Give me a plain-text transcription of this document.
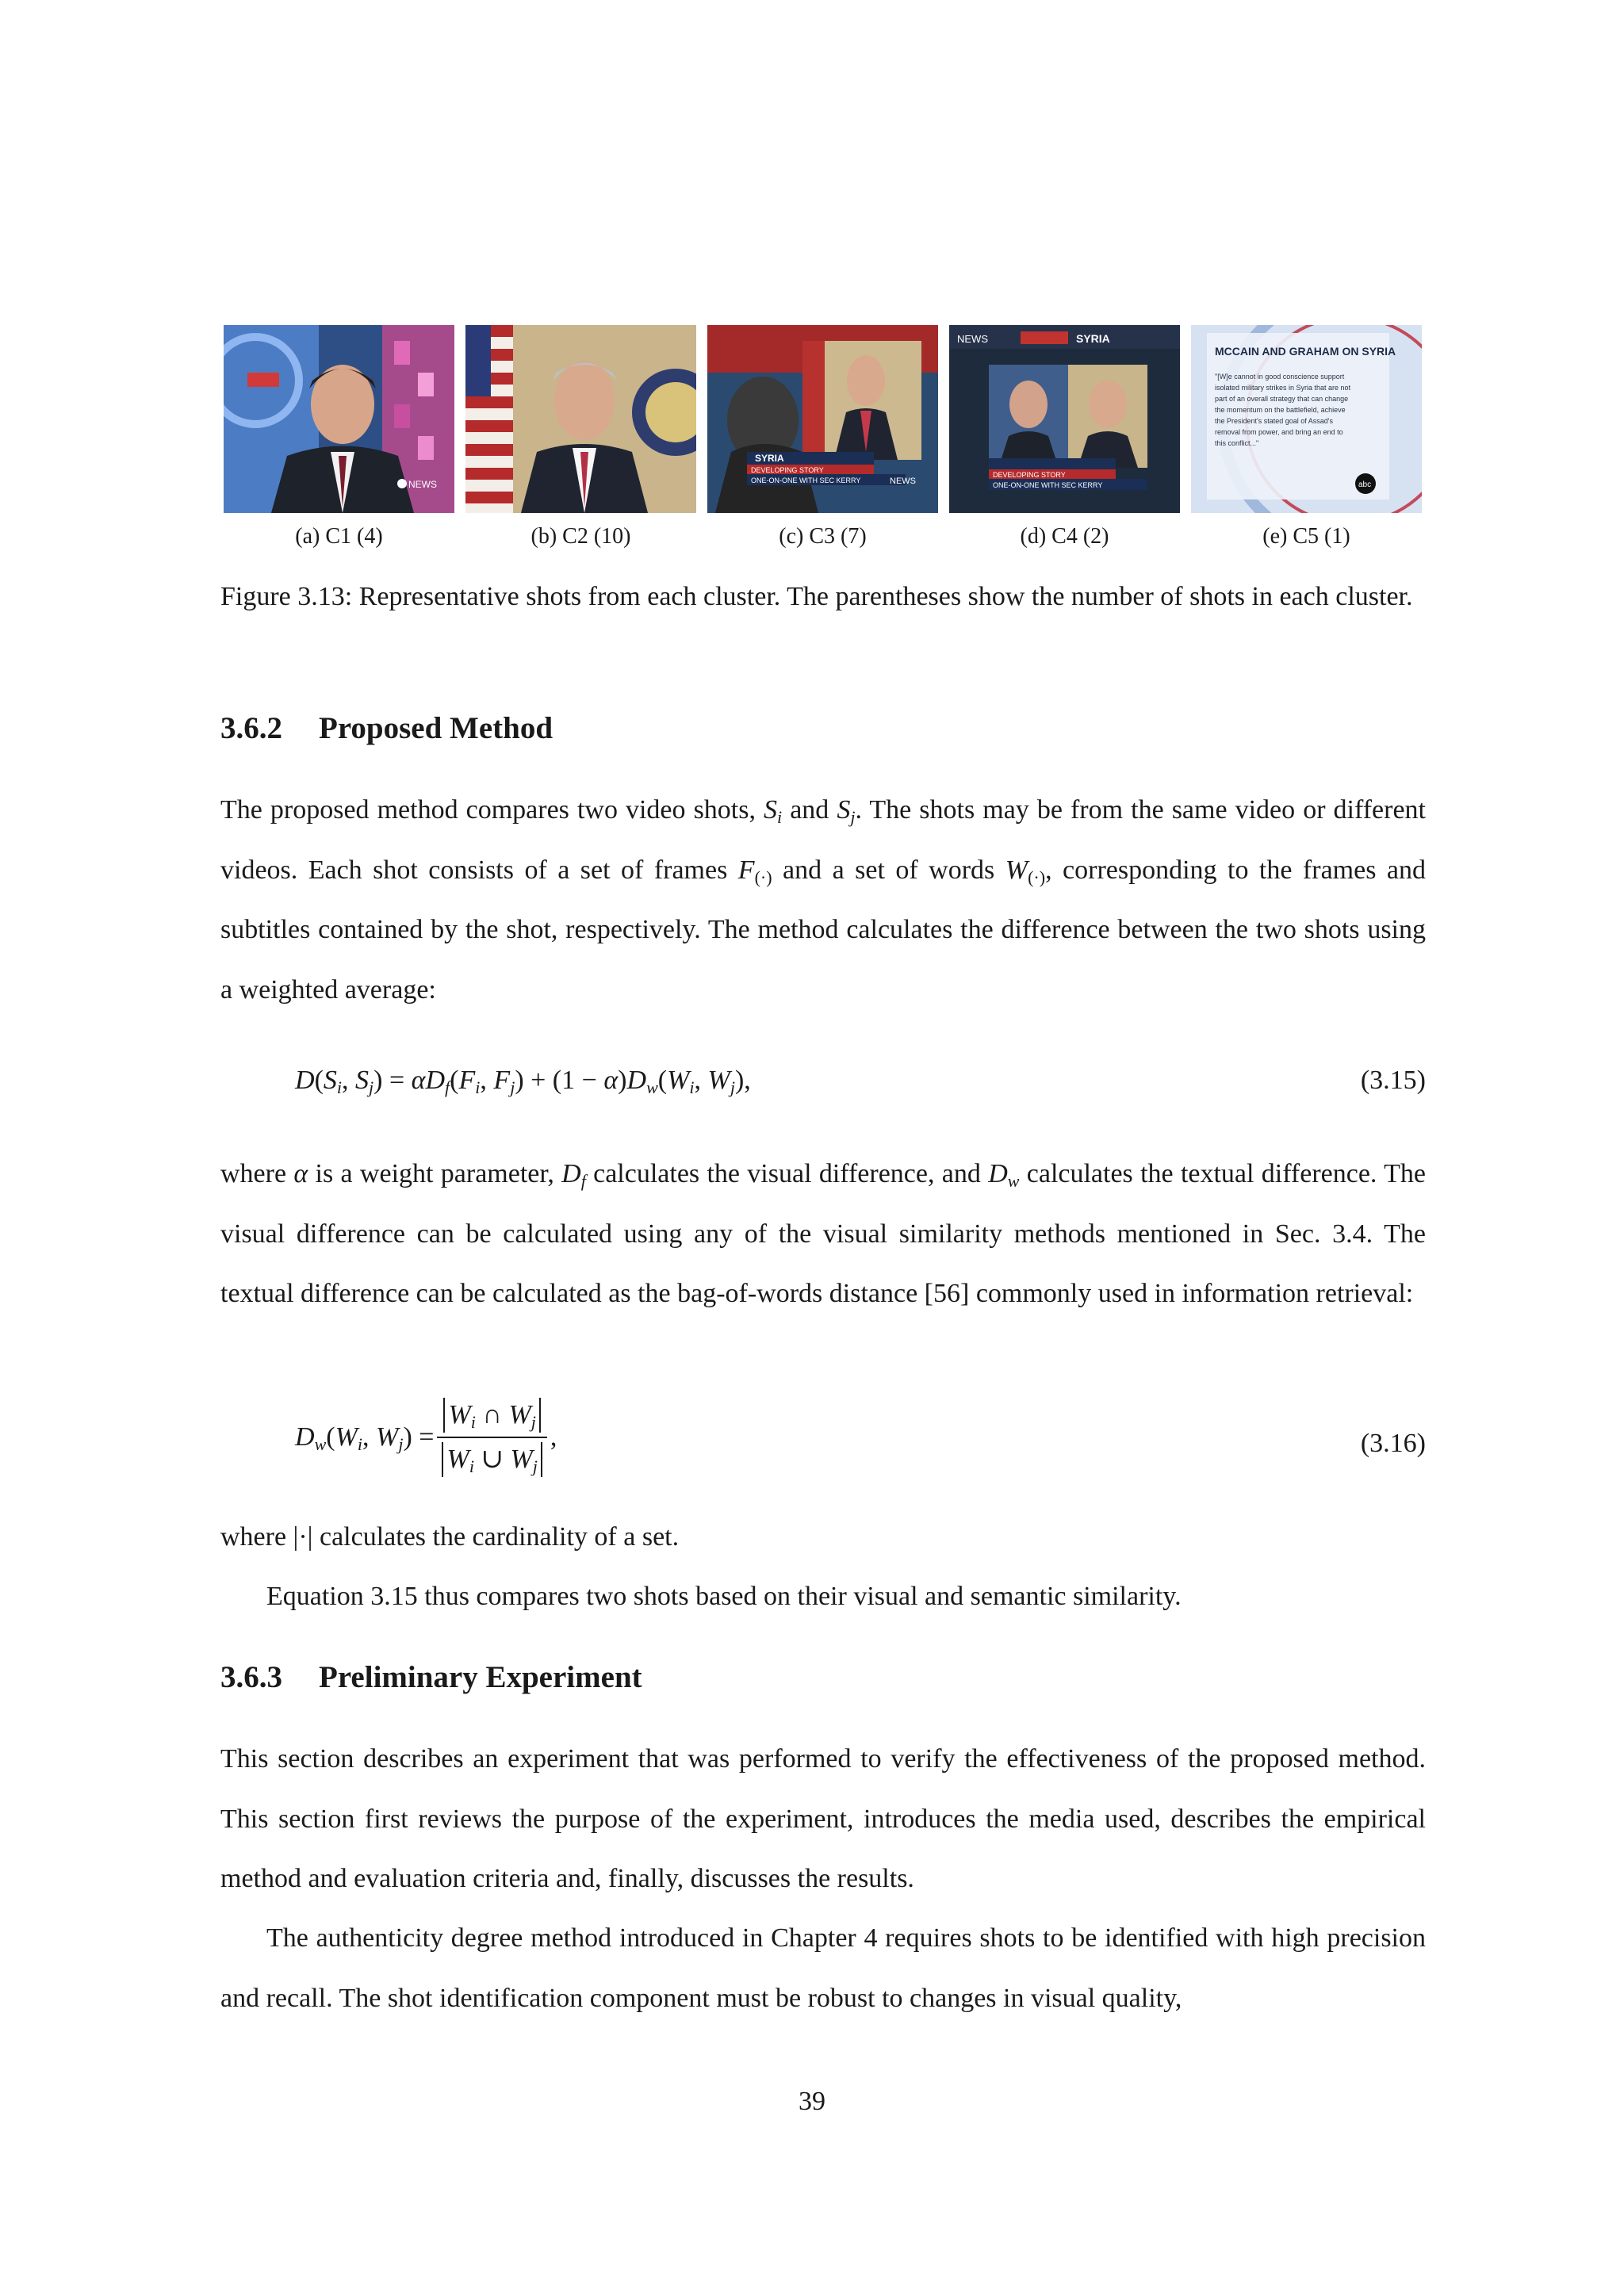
NEWS
SYRIA
DEVELOPING STORY
ONE-ON-ONE WITH SEC KERRY	NEWS
NEWS	SYRIA
DEVELOPING STORY
ONE-ON-ONE WITH SEC KERRY
MCCAIN AND GRAHAM ON SYRIA
"[W]e cannot in good conscience support
isolated military strikes in Syria that are not
part of an overall strategy that can change
the momentum on the battlefield, achieve
the President's stated goal of Assad's
removal from power, and bring an end to
this conflict..."
abc
(a) C1 (4)	(b) C2 (10)	(c) C3 (7)	(d) C4 (2)	(e) C5 (1)
Figure 3.13: Representative shots from each cluster. The parentheses show the number of shots in each cluster.
3.6.2 Proposed Method
The proposed method compares two video shots, $S_i$ and $S_j$. The shots may be from the same video or different videos. Each shot consists of a set of frames $F_{(\cdot)}$ and a set of words $W_{(\cdot)}$, corresponding to the frames and subtitles contained by the shot, respectively. The method calculates the difference between the two shots using a weighted average:
$D(S_i$, $S_j) = \alpha D_f(F_i$, $F_j) + (1 - \alpha)D_w(W_i$, $W_j$),	(3.15)
where α is a weight parameter, $D_f$ calculates the visual difference, and $D_w$ calculates the textual difference. The visual difference can be calculated using any of the visual similarity methods mentioned in Sec. 3.4. The textual difference can be calculated as the bag-of-words distance [56] commonly used in information retrieval:
$D_w(W_i$, $W_j) = \frac{W_i \cap W_j}{W_i \cup W_j}$ ,	(3.16)
where |·| calculates the cardinality of a set.
Equation 3.15 thus compares two shots based on their visual and semantic similarity.
3.6.3 Preliminary Experiment
This section describes an experiment that was performed to verify the effectiveness of the proposed method. This section first reviews the purpose of the experiment, introduces the media used, describes the empirical method and evaluation criteria and, finally, discusses the results.
The authenticity degree method introduced in Chapter 4 requires shots to be identified with high precision and recall. The shot identification component must be robust to changes in visual quality,
39
